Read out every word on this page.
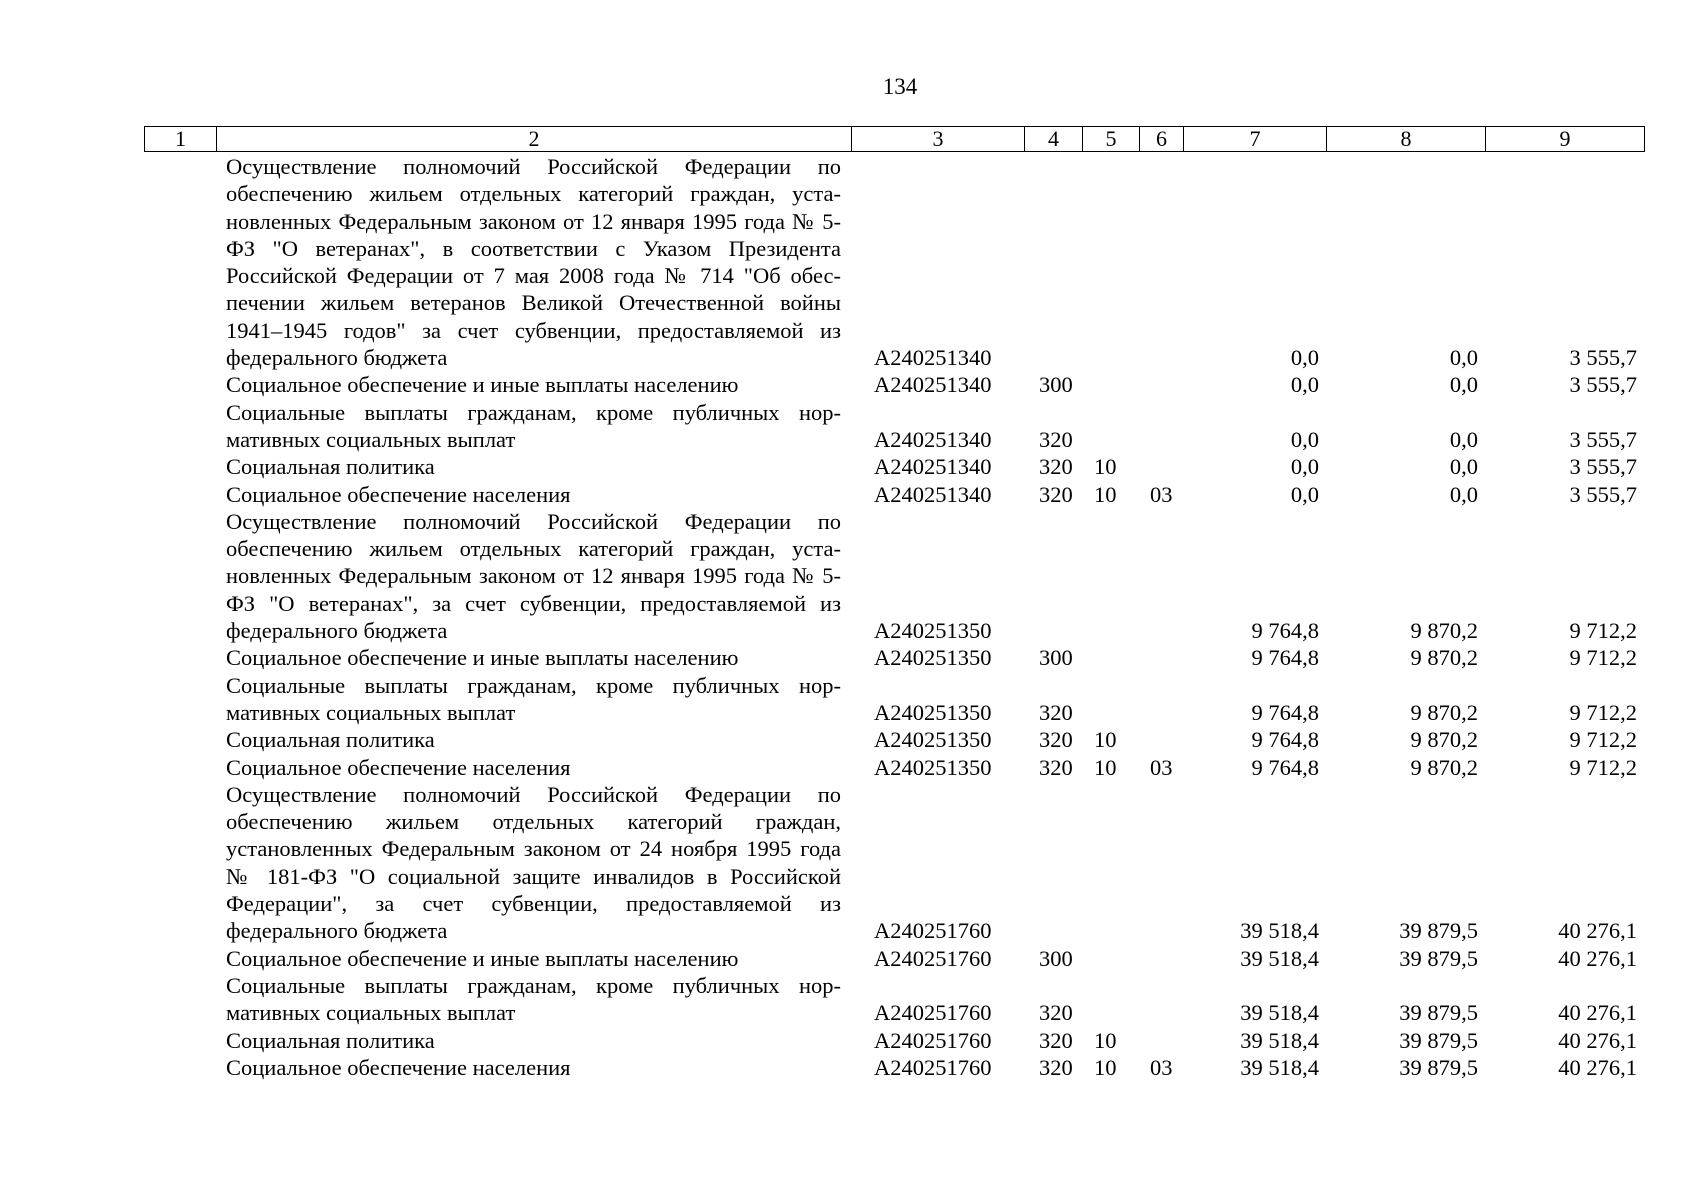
134
1	2	3	4	5	6	7	8	9
Осуществление полномочий Российской Федерации по обеспечению жильем отдельных категорий граждан, установленных Федеральным законом от 12 января 1995 года № 5-ФЗ "О ветеранах", в соответствии с Указом Президента Российской Федерации от 7 мая 2008 года № 714 "Об обеспечении жильем ветеранов Великой Отечественной войны 1941–1945 годов" за счет субвенции, предоставляемой из федерального бюджета	А240251340				0,0	0,0	3 555,7
Социальное обеспечение и иные выплаты населению	А240251340	300			0,0	0,0	3 555,7
Социальные выплаты гражданам, кроме публичных нормативных социальных выплат	А240251340	320			0,0	0,0	3 555,7
Социальная политика	А240251340	320	10		0,0	0,0	3 555,7
Социальное обеспечение населения	А240251340	320	10	03	0,0	0,0	3 555,7
Осуществление полномочий Российской Федерации по обеспечению жильем отдельных категорий граждан, установленных Федеральным законом от 12 января 1995 года № 5-ФЗ "О ветеранах", за счет субвенции, предоставляемой из федерального бюджета	А240251350				9 764,8	9 870,2	9 712,2
Социальное обеспечение и иные выплаты населению	А240251350	300			9 764,8	9 870,2	9 712,2
Социальные выплаты гражданам, кроме публичных нормативных социальных выплат	А240251350	320			9 764,8	9 870,2	9 712,2
Социальная политика	А240251350	320	10		9 764,8	9 870,2	9 712,2
Социальное обеспечение населения	А240251350	320	10	03	9 764,8	9 870,2	9 712,2
Осуществление полномочий Российской Федерации по обеспечению жильем отдельных категорий граждан, установленных Федеральным законом от 24 ноября 1995 года № 181-ФЗ "О социальной защите инвалидов в Российской Федерации", за счет субвенции, предоставляемой из федерального бюджета	А240251760				39 518,4	39 879,5	40 276,1
Социальное обеспечение и иные выплаты населению	А240251760	300			39 518,4	39 879,5	40 276,1
Социальные выплаты гражданам, кроме публичных нормативных социальных выплат	А240251760	320			39 518,4	39 879,5	40 276,1
Социальная политика	А240251760	320	10		39 518,4	39 879,5	40 276,1
Социальное обеспечение населения	А240251760	320	10	03	39 518,4	39 879,5	40 276,1
